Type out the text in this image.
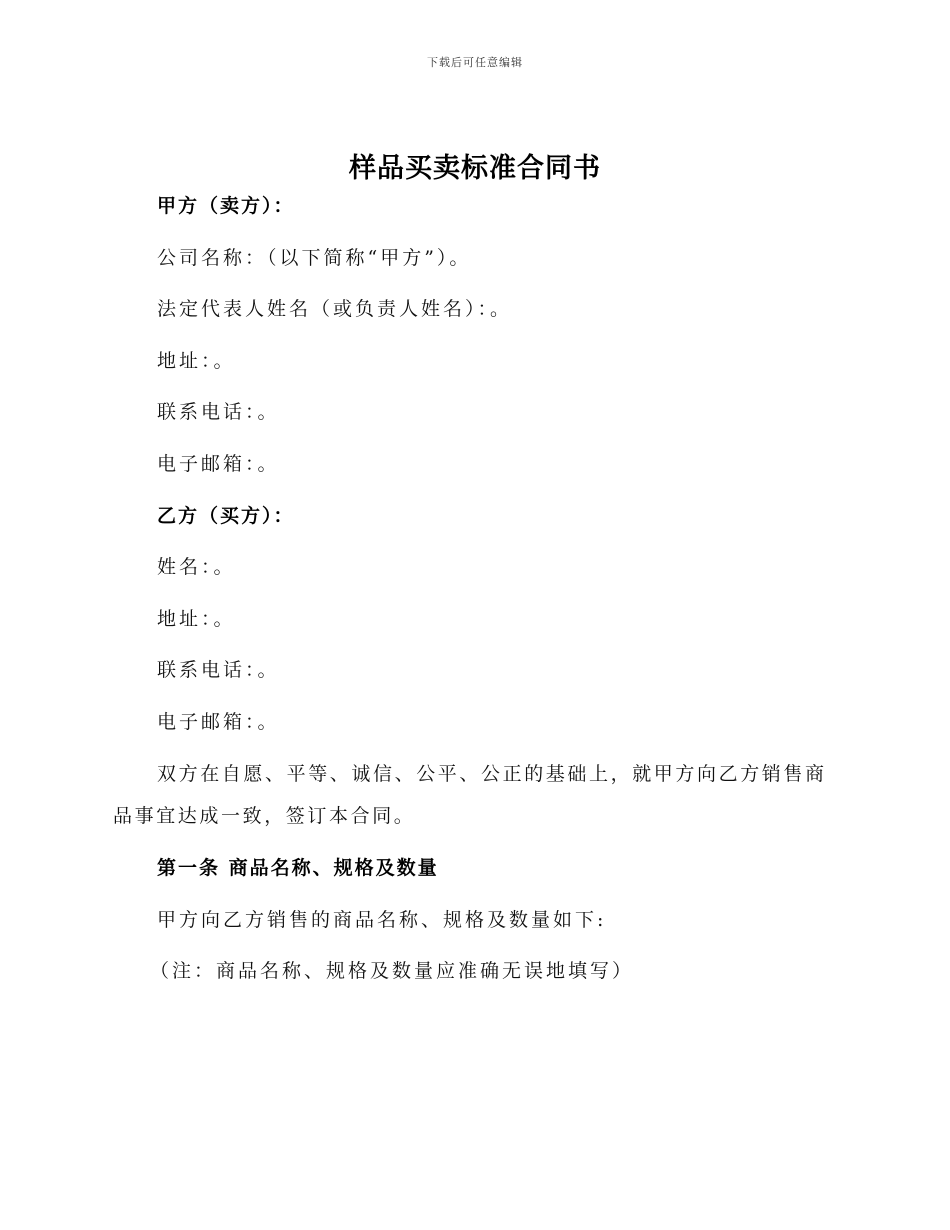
下载后可任意编辑
样品买卖标准合同书
甲方（卖方）：
公司名称：（以下简称“甲方”）。
法定代表人姓名（或负责人姓名）：。
地址：。
联系电话：。
电子邮箱：。
乙方（买方）：
姓名：。
地址：。
联系电话：。
电子邮箱：。
双方在自愿、平等、诚信、公平、公正的基础上，就甲方向乙方销售商品事宜达成一致，签订本合同。
第一条 商品名称、规格及数量
甲方向乙方销售的商品名称、规格及数量如下:
（注：商品名称、规格及数量应准确无误地填写）
